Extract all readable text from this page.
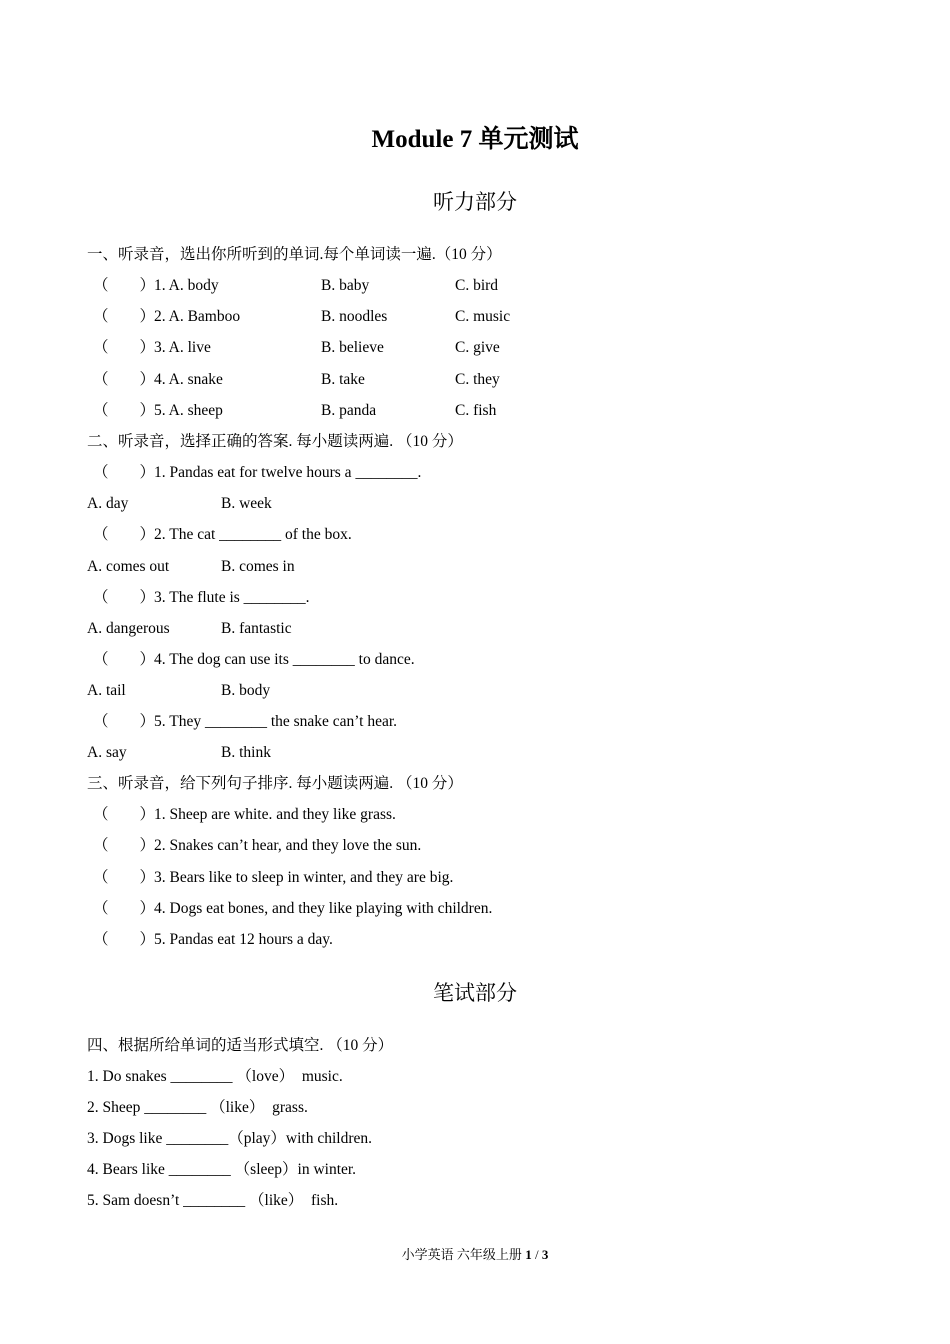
Module 7 单元测试
听力部分
一、听录音，选出你所听到的单词.每个单词读一遍.（10 分）
（        ）
1. A. body	B. baby	C. bird
（        ）
2. A. Bamboo	B. noodles	C. music
（        ）
3. A. live	B. believe	C. give
（        ）
4. A. snake	B. take	C. they
（        ）
5. A. sheep	B. panda	C. fish
二、听录音，选择正确的答案. 每小题读两遍. （10 分）
（        ）
1. Pandas eat for twelve hours a ________.
A. day	B. week
（        ）
2. The cat ________ of the box.
A. comes out	B. comes in
（        ）
3. The flute is ________.
A. dangerous	B. fantastic
（        ）
4. The dog can use its ________ to dance.
A. tail	B. body
（        ）
5. They ________ the snake can’t hear.
A. say	B. think
三、听录音，给下列句子排序. 每小题读两遍. （10 分）
（        ）
1. Sheep are white. and they like grass.
（        ）
2. Snakes can’t hear, and they love the sun.
（        ）
3. Bears like to sleep in winter, and they are big.
（        ）
4. Dogs eat bones, and they like playing with children.
（        ）
5. Pandas eat 12 hours a day.
笔试部分
四、根据所给单词的适当形式填空. （10 分）
1. Do snakes ________ （love）  music.
2. Sheep ________ （like）  grass.
3. Dogs like ________（play）with children.
4. Bears like ________ （sleep）in winter.
5. Sam doesn’t ________ （like）  fish.
小学英语 六年级上册 1 / 3
